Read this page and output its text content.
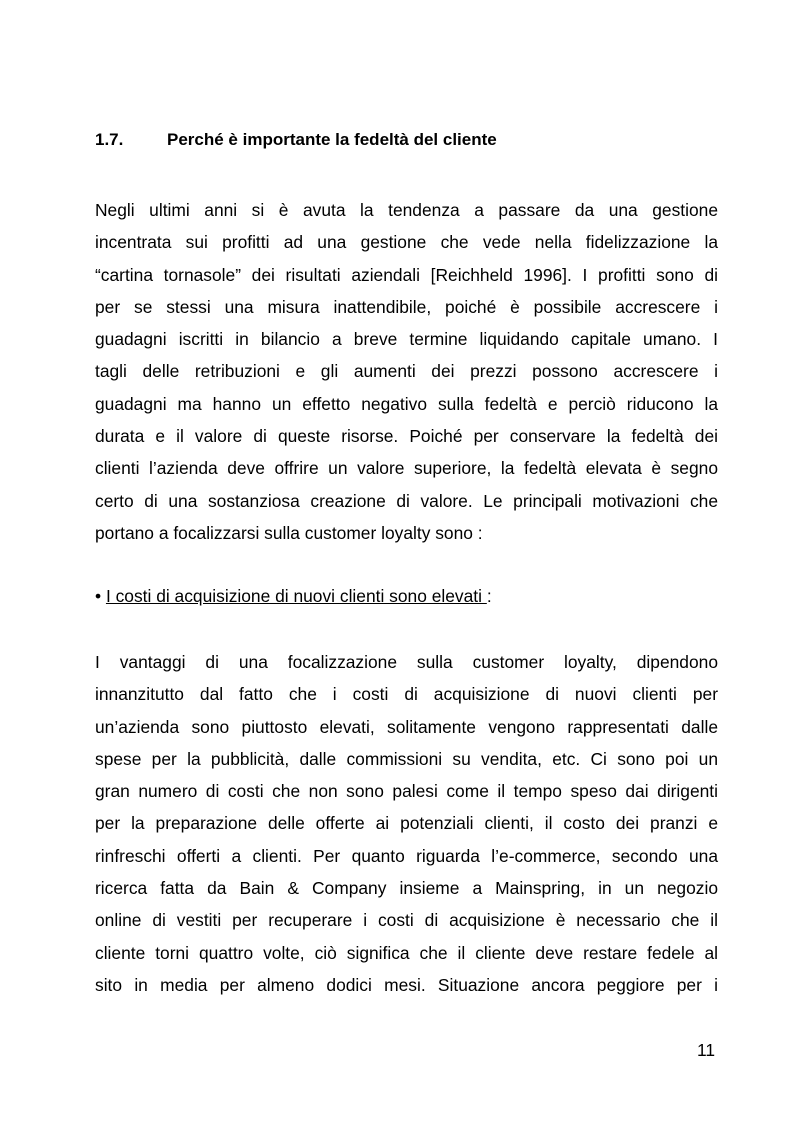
1.7.	Perché è importante la fedeltà del cliente
Negli ultimi anni si è avuta la tendenza a passare da una gestione
incentrata sui profitti ad una gestione che vede nella fidelizzazione la
“cartina tornasole” dei risultati aziendali [Reichheld 1996]. I profitti sono di
per se stessi una misura inattendibile, poiché è possibile accrescere i
guadagni iscritti in bilancio a breve termine liquidando capitale umano. I
tagli delle retribuzioni e gli aumenti dei prezzi possono accrescere i
guadagni ma hanno un effetto negativo sulla fedeltà e perciò riducono la
durata e il valore di queste risorse. Poiché per conservare la fedeltà dei
clienti l’azienda deve offrire un valore superiore, la fedeltà elevata è segno
certo di una sostanziosa creazione di valore. Le principali motivazioni che
portano a focalizzarsi sulla customer loyalty sono :
• I costi di acquisizione di nuovi clienti sono elevati :
I vantaggi di una focalizzazione sulla customer loyalty, dipendono
innanzitutto dal fatto che i costi di acquisizione di nuovi clienti per
un’azienda sono piuttosto elevati, solitamente vengono rappresentati dalle
spese per la pubblicità, dalle commissioni su vendita, etc. Ci sono poi un
gran numero di costi che non sono palesi come il tempo speso dai dirigenti
per la preparazione delle offerte ai potenziali clienti, il costo dei pranzi e
rinfreschi offerti a clienti. Per quanto riguarda l’e-commerce, secondo una
ricerca fatta da Bain & Company insieme a Mainspring, in un negozio
online di vestiti per recuperare i costi di acquisizione è necessario che il
cliente torni quattro volte, ciò significa che il cliente deve restare fedele al
sito in media per almeno dodici mesi. Situazione ancora peggiore per i
11
